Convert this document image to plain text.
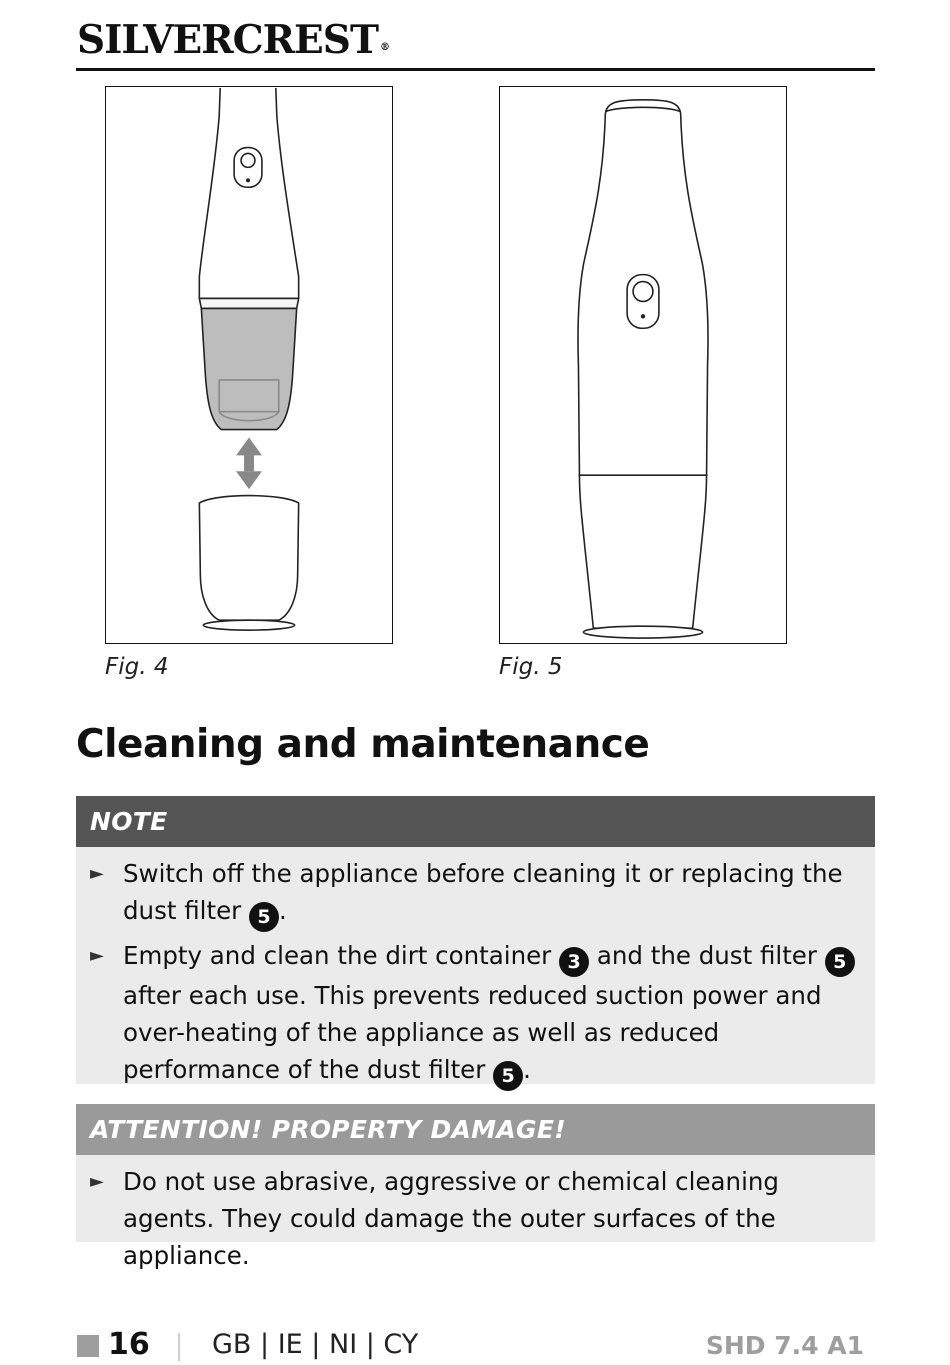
SILVERCREST ®
Fig. 4	Fig. 5
Cleaning and maintenance
NOTE
► Switch off the appliance before cleaning it or replacing the dust filter 5 .
► Empty and clean the dirt container 3 and the dust filter 5 after each use. This prevents reduced suction power and over-heating of the appliance as well as reduced performance of the dust filter 5 .
ATTENTION! PROPERTY DAMAGE!
► Do not use abrasive, aggressive or chemical cleaning agents. They could damage the outer surfaces of the appliance.
16 GB | IE | NI | CY	SHD 7.4 A1
